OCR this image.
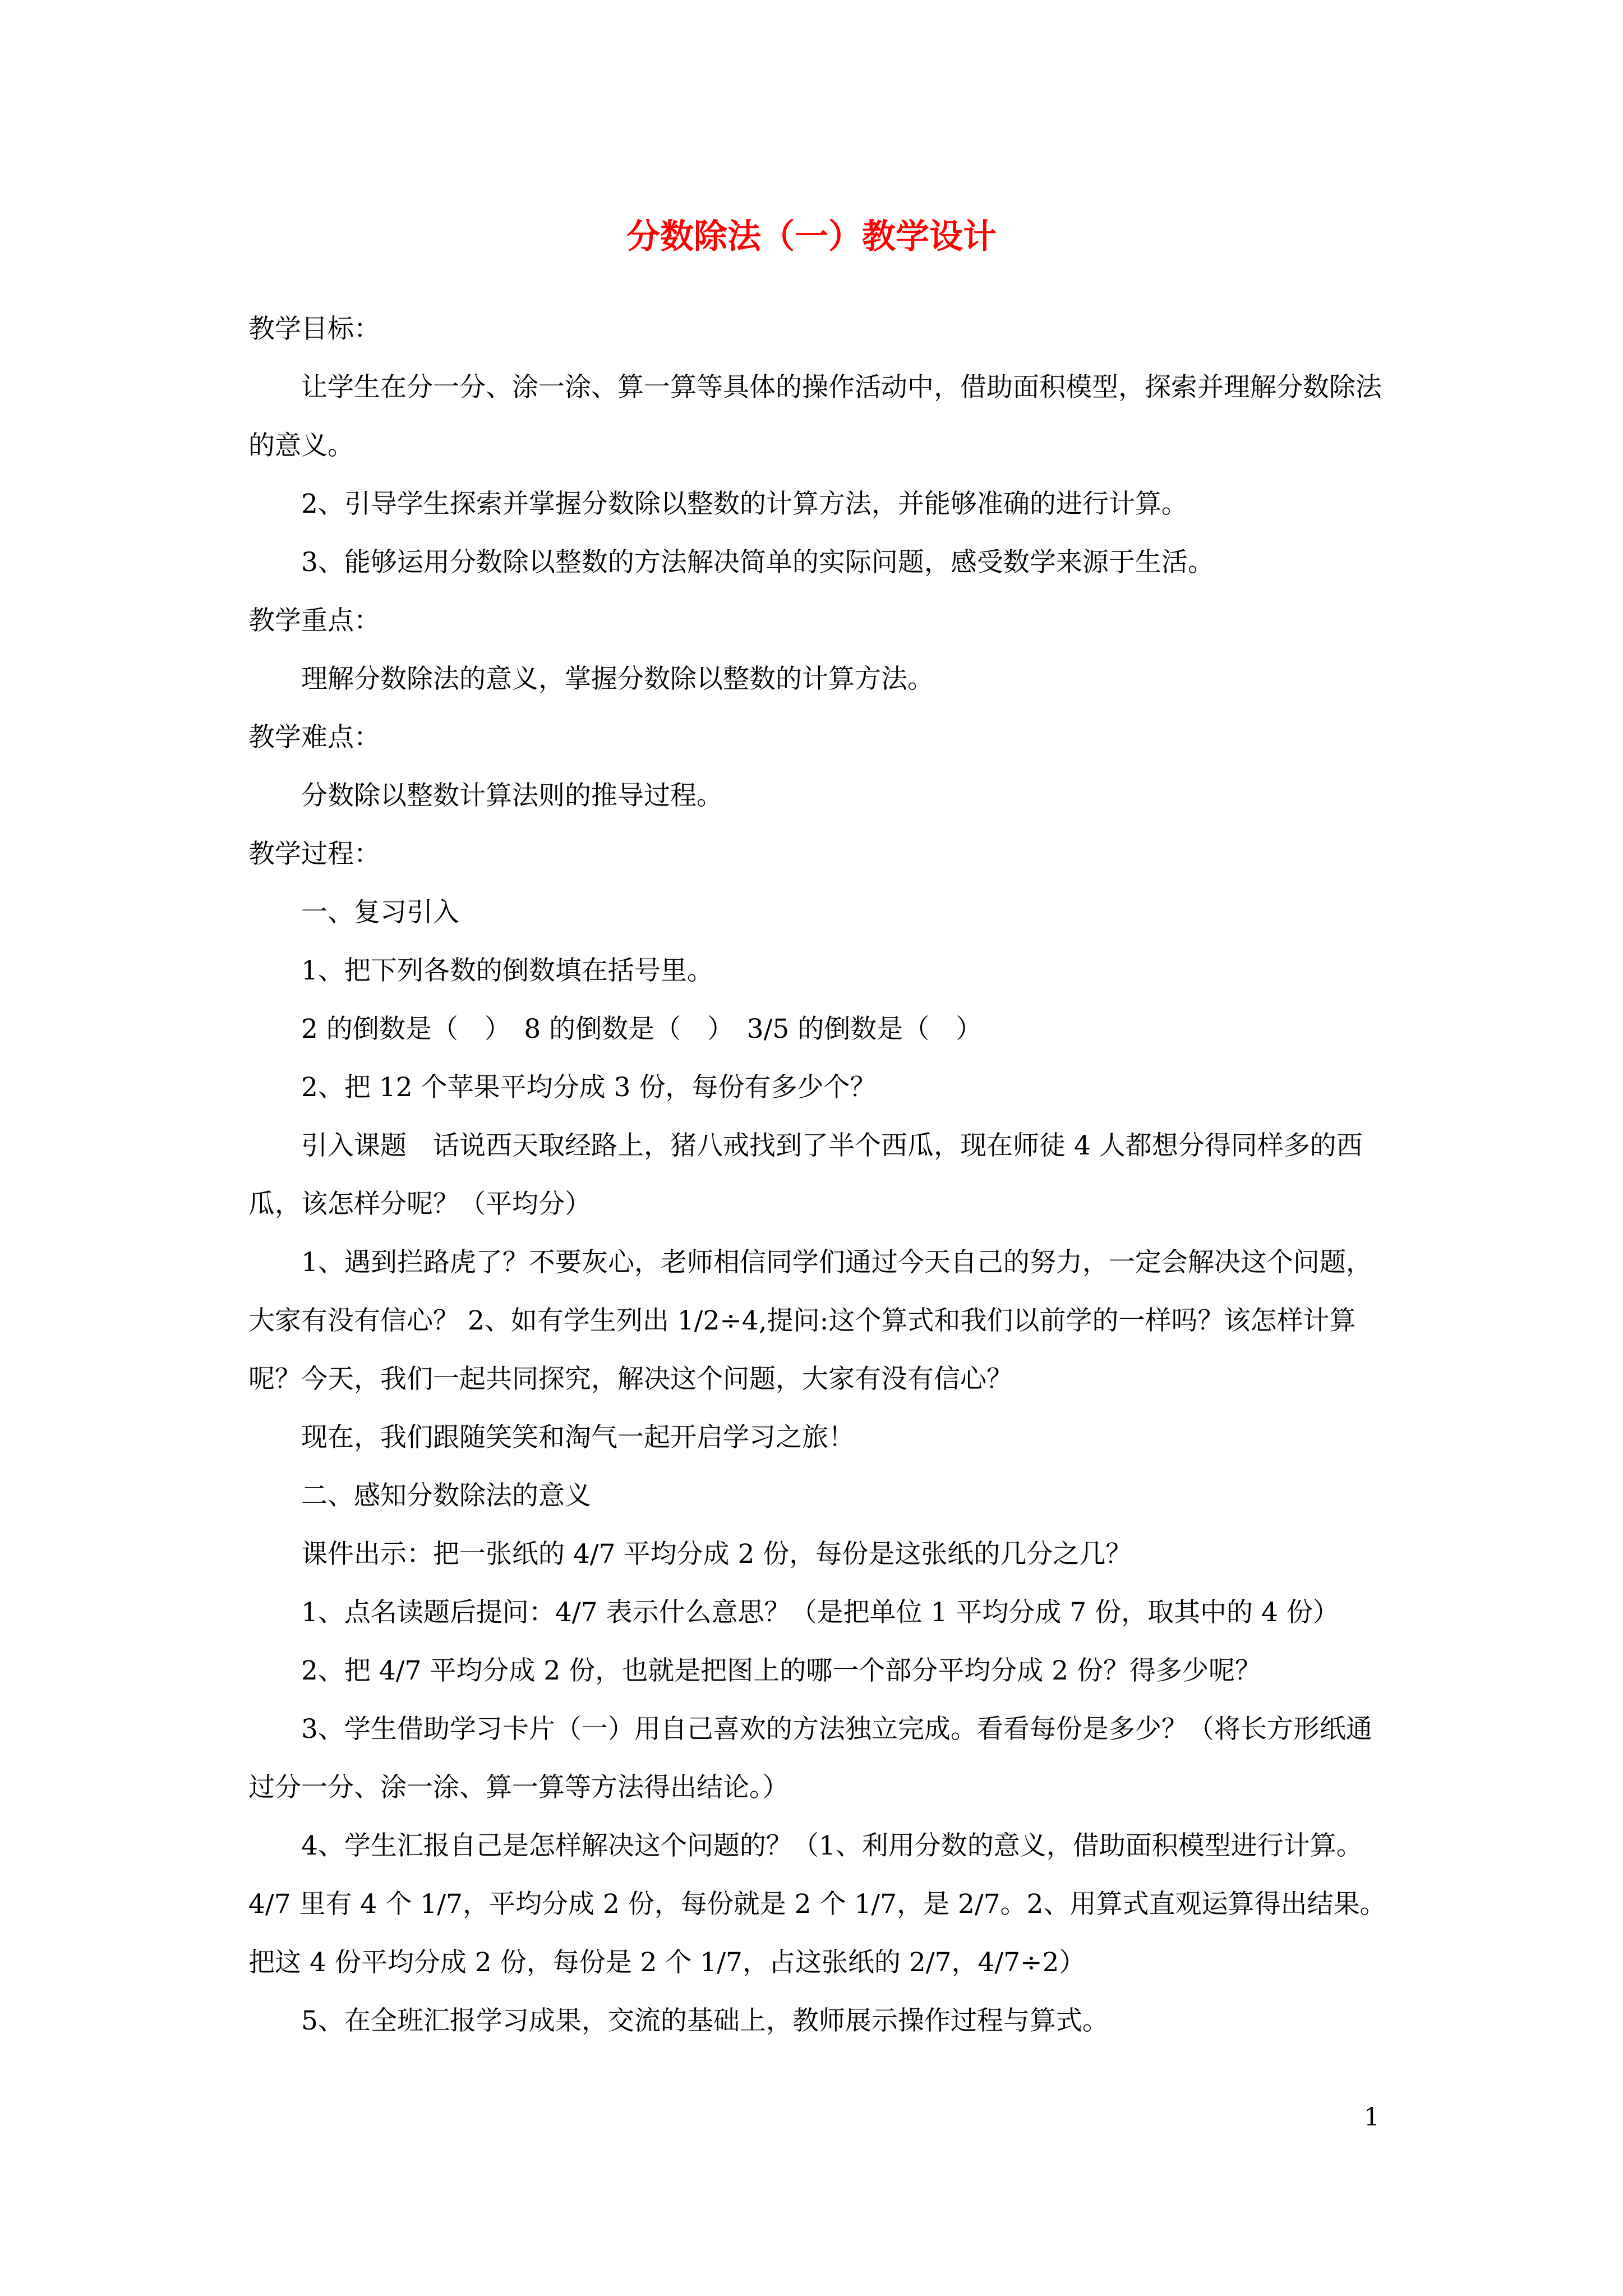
分数除法（一）教学设计

教学目标：

让学生在分一分、涂一涂、算一算等具体的操作活动中，借助面积模型，探索并理解分数除法的意义。

2、引导学生探索并掌握分数除以整数的计算方法，并能够准确的进行计算。

3、能够运用分数除以整数的方法解决简单的实际问题，感受数学来源于生活。

教学重点：

理解分数除法的意义，掌握分数除以整数的计算方法。

教学难点：

分数除以整数计算法则的推导过程。

教学过程：

一、复习引入

1、把下列各数的倒数填在括号里。

2 的倒数是（　）　8 的倒数是（　）　3/5 的倒数是（　）

2、把 12 个苹果平均分成 3 份，每份有多少个？

引入课题　话说西天取经路上，猪八戒找到了半个西瓜，现在师徒 4 人都想分得同样多的西瓜，该怎样分呢？（平均分）

1、遇到拦路虎了？不要灰心，老师相信同学们通过今天自己的努力，一定会解决这个问题，大家有没有信心？ 2、如有学生列出 1/2÷4,提问:这个算式和我们以前学的一样吗？该怎样计算呢？今天，我们一起共同探究，解决这个问题，大家有没有信心？

现在，我们跟随笑笑和淘气一起开启学习之旅！

二、感知分数除法的意义

课件出示：把一张纸的 4/7 平均分成 2 份，每份是这张纸的几分之几？

1、点名读题后提问：4/7 表示什么意思？（是把单位 1 平均分成 7 份，取其中的 4 份）

2、把 4/7 平均分成 2 份，也就是把图上的哪一个部分平均分成 2 份？得多少呢？

3、学生借助学习卡片（一）用自己喜欢的方法独立完成。看看每份是多少？（将长方形纸通过分一分、涂一涂、算一算等方法得出结论。）

4、学生汇报自己是怎样解决这个问题的？（1、利用分数的意义，借助面积模型进行计算。4/7 里有 4 个 1/7，平均分成 2 份，每份就是 2 个 1/7，是 2/7。2、用算式直观运算得出结果。把这 4 份平均分成 2 份，每份是 2 个 1/7，占这张纸的 2/7，4/7÷2）

5、在全班汇报学习成果，交流的基础上，教师展示操作过程与算式。

1
